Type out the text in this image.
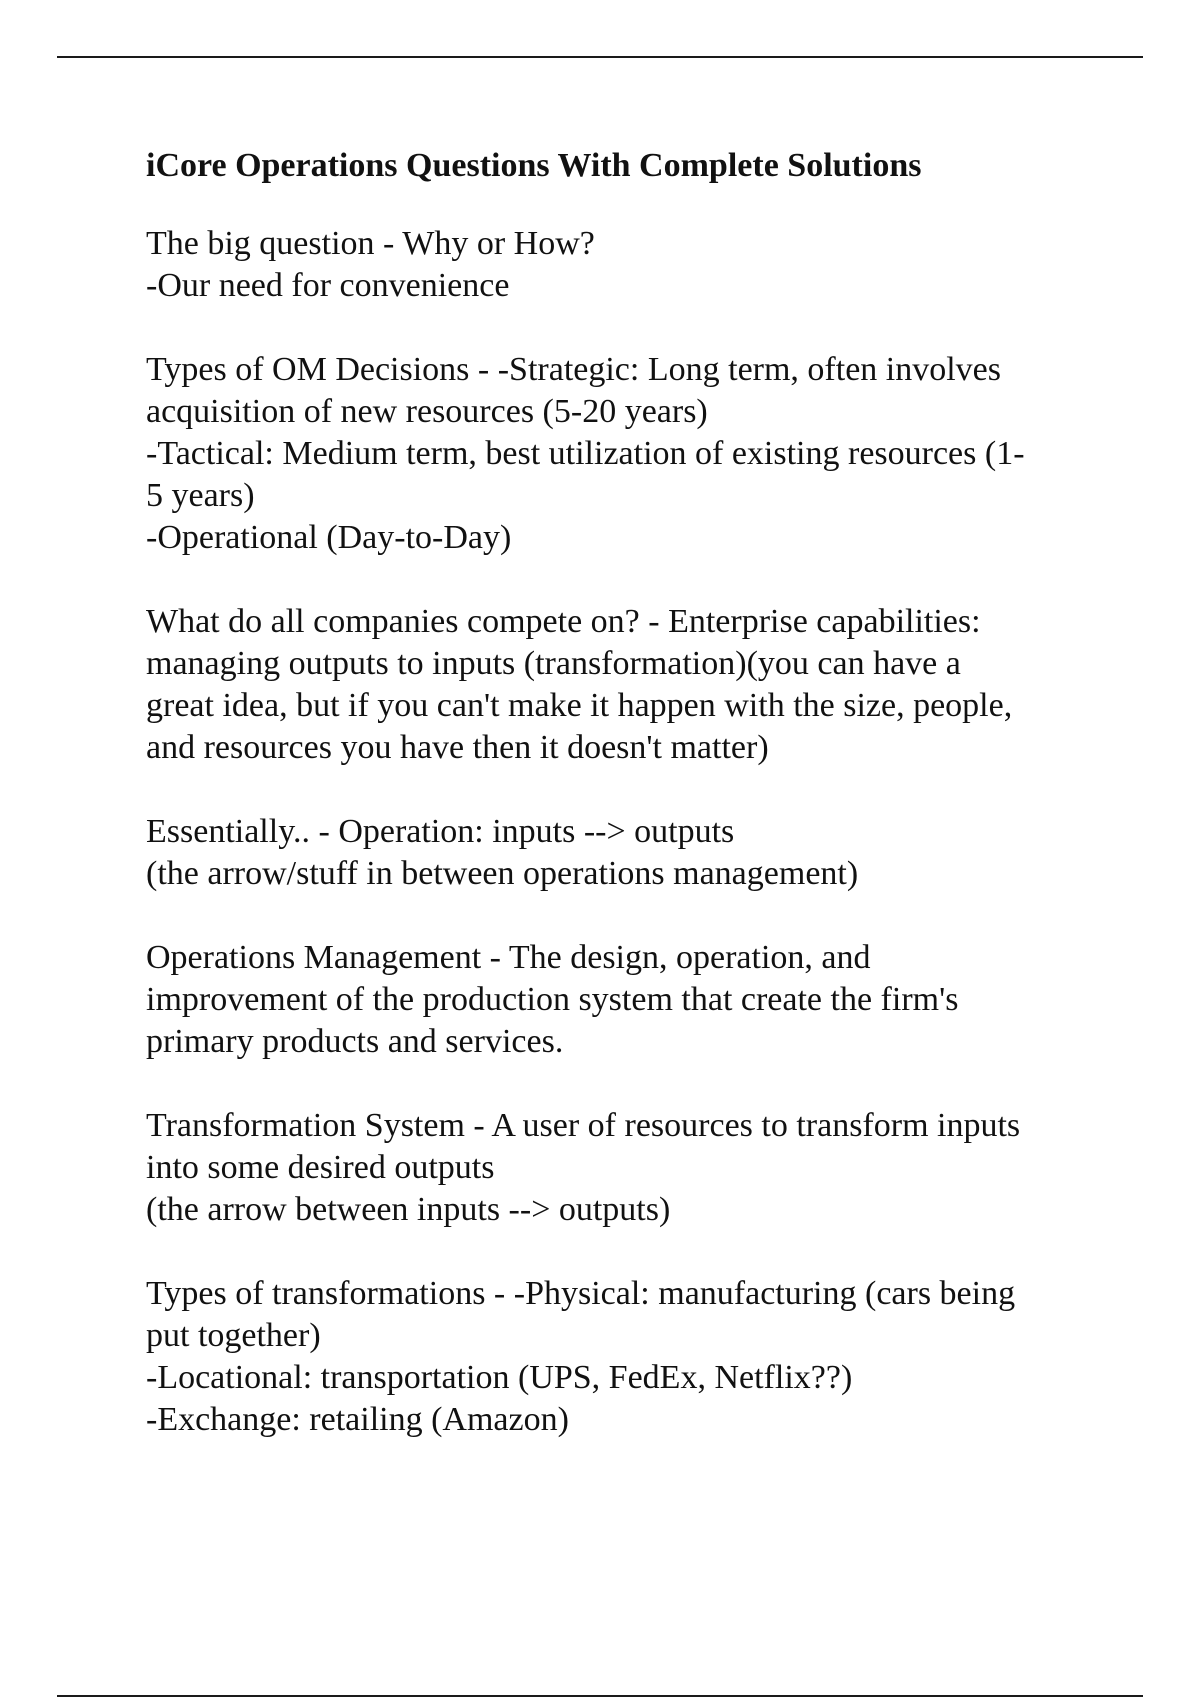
iCore Operations Questions With Complete Solutions
The big question - Why or How?
-Our need for convenience
Types of OM Decisions - -Strategic: Long term, often involves
acquisition of new resources (5-20 years)
-Tactical: Medium term, best utilization of existing resources (1-
5 years)
-Operational (Day-to-Day)
What do all companies compete on? - Enterprise capabilities:
managing outputs to inputs (transformation)(you can have a
great idea, but if you can't make it happen with the size, people,
and resources you have then it doesn't matter)
Essentially.. - Operation: inputs --> outputs
(the arrow/stuff in between operations management)
Operations Management - The design, operation, and
improvement of the production system that create the firm's
primary products and services.
Transformation System - A user of resources to transform inputs
into some desired outputs
(the arrow between inputs --> outputs)
Types of transformations - -Physical: manufacturing (cars being
put together)
-Locational: transportation (UPS, FedEx, Netflix??)
-Exchange: retailing (Amazon)
